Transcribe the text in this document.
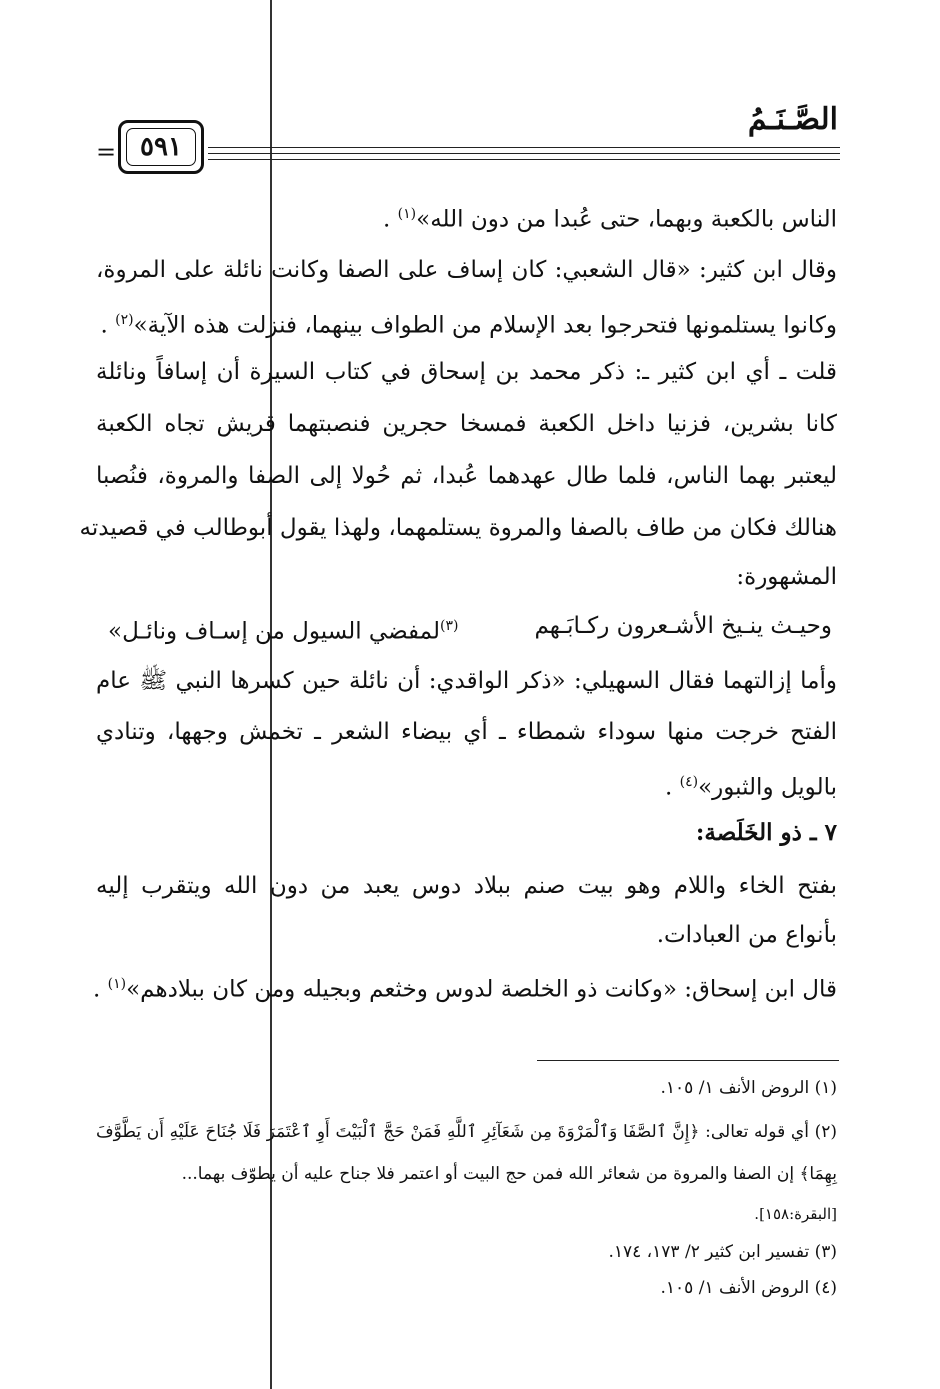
الصَّـنَـمُ
= ٥٩١
الناس بالكعبة وبهما، حتى عُبدا من دون الله»$^{(١)}$ .
وقال ابن كثير: «قال الشعبي: كان إساف على الصفا وكانت نائلة على المروة،
وكانوا يستلمونها فتحرجوا بعد الإسلام من الطواف بينهما، فنزلت هذه الآية»$^{(٢)}$ .
قلت ـ أي ابن كثير ـ: ذكر محمد بن إسحاق في كتاب السيرة أن إسافاً ونائلة
كانا بشرين، فزنيا داخل الكعبة فمسخا حجرين فنصبتهما قريش تجاه الكعبة
ليعتبر بهما الناس، فلما طال عهدهما عُبدا، ثم حُولا إلى الصفا والمروة، فنُصبا
هنالك فكان من طاف بالصفا والمروة يستلمهما، ولهذا يقول أبوطالب في قصيدته
المشهورة:
وحيـث ينـيخ الأشـعرون ركـابَـهم
$^{(٣)}$لمفضي السيول من إسـاف ونائـل»
وأما إزالتهما فقال السهيلي: «ذكر الواقدي: أن نائلة حين كسرها النبي ﷺ عام
الفتح خرجت منها سوداء شمطاء ـ أي بيضاء الشعر ـ تخمش وجهها، وتنادي
بالويل والثبور»$^{(٤)}$ .
٧ ـ ذو الخَلَصة:
بفتح الخاء واللام وهو بيت صنم ببلاد دوس يعبد من دون الله ويتقرب إليه
بأنواع من العبادات.
قال ابن إسحاق: «وكانت ذو الخلصة لدوس وخثعم وبجيله ومن كان ببلادهم»$^{(١)}$ .
(١) الروض الأنف ١/ ١٠٥.
(٢) أي قوله تعالى: ﴿إِنَّ ٱلصَّفَا وَٱلْمَرْوَةَ مِن شَعَآئِرِ ٱللَّهِ فَمَنْ حَجَّ ٱلْبَيْتَ أَوِ ٱعْتَمَرَ فَلَا جُنَاحَ عَلَيْهِ أَن يَطَّوَّفَ
بِهِمَا﴾ إن الصفا والمروة من شعائر الله فمن حج البيت أو اعتمر فلا جناح عليه أن يطوّف بهما...
[البقرة:١٥٨].
(٣) تفسير ابن كثير ٢/ ١٧٣، ١٧٤.
(٤) الروض الأنف ١/ ١٠٥.
